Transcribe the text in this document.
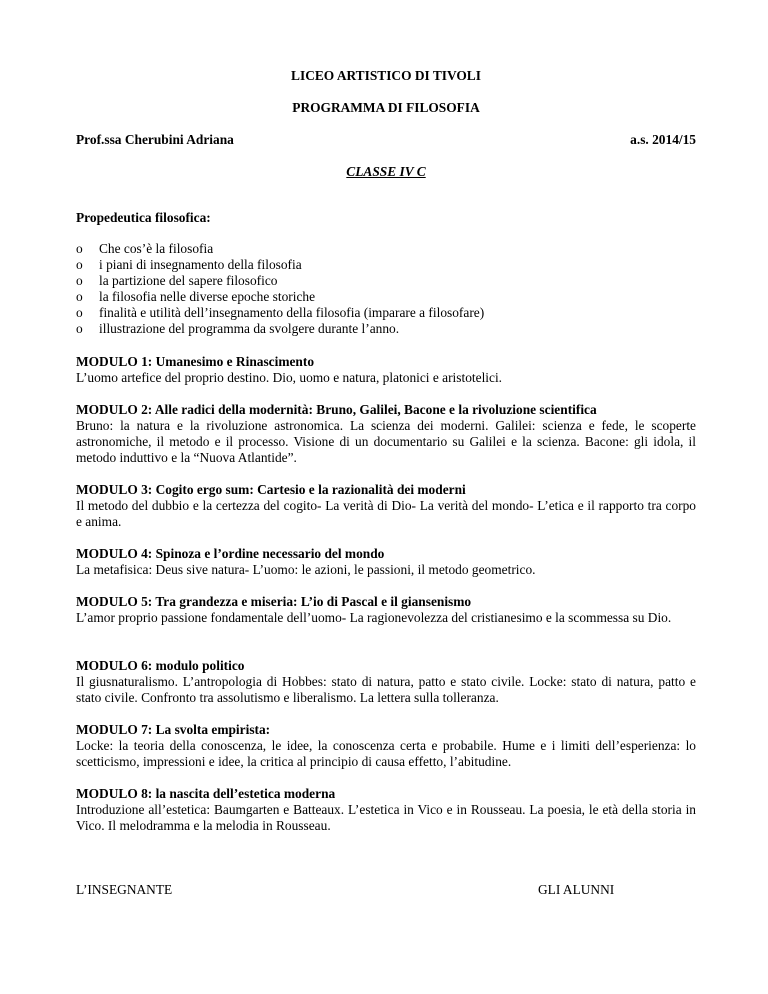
LICEO ARTISTICO DI TIVOLI
PROGRAMMA DI FILOSOFIA
Prof.ssa Cherubini Adriana	a.s. 2014/15
CLASSE IV C
Propedeutica filosofica:
o Che cos’è la filosofia
o i piani di insegnamento della filosofia
o la partizione del sapere filosofico
o la filosofia nelle diverse epoche storiche
o finalità e utilità dell’insegnamento della filosofia (imparare a filosofare)
o illustrazione del programma da svolgere durante l’anno.
MODULO 1: Umanesimo e Rinascimento
L’uomo artefice del proprio destino. Dio, uomo e natura, platonici e aristotelici.
MODULO 2: Alle radici della modernità: Bruno, Galilei, Bacone e la rivoluzione scientifica
Bruno: la natura e la rivoluzione astronomica. La scienza dei moderni. Galilei: scienza e fede, le scoperte astronomiche, il metodo e il processo. Visione di un documentario su Galilei e la scienza. Bacone: gli idola, il metodo induttivo e la “Nuova Atlantide”.
MODULO 3: Cogito ergo sum: Cartesio e la razionalità dei moderni
Il metodo del dubbio e la certezza del cogito- La verità di Dio- La verità del mondo- L’etica e il rapporto tra corpo e anima.
MODULO 4: Spinoza e l’ordine necessario del mondo
La metafisica: Deus sive natura- L’uomo: le azioni, le passioni, il metodo geometrico.
MODULO 5: Tra grandezza e miseria: L’io di Pascal e il giansenismo
L’amor proprio passione fondamentale dell’uomo- La ragionevolezza del cristianesimo e la scommessa su Dio.
MODULO 6: modulo politico
Il giusnaturalismo. L’antropologia di Hobbes: stato di natura, patto e stato civile. Locke: stato di natura, patto e stato civile. Confronto tra assolutismo e liberalismo. La lettera sulla tolleranza.
MODULO 7: La svolta empirista:
Locke: la teoria della conoscenza, le idee, la conoscenza certa e probabile. Hume e i limiti dell’esperienza: lo scetticismo, impressioni e idee, la critica al principio di causa effetto, l’abitudine.
MODULO 8: la nascita dell’estetica moderna
Introduzione all’estetica: Baumgarten e Batteaux. L’estetica in Vico e in Rousseau. La poesia, le età della storia in Vico. Il melodramma e la melodia in Rousseau.
L’INSEGNANTE	GLI ALUNNI
